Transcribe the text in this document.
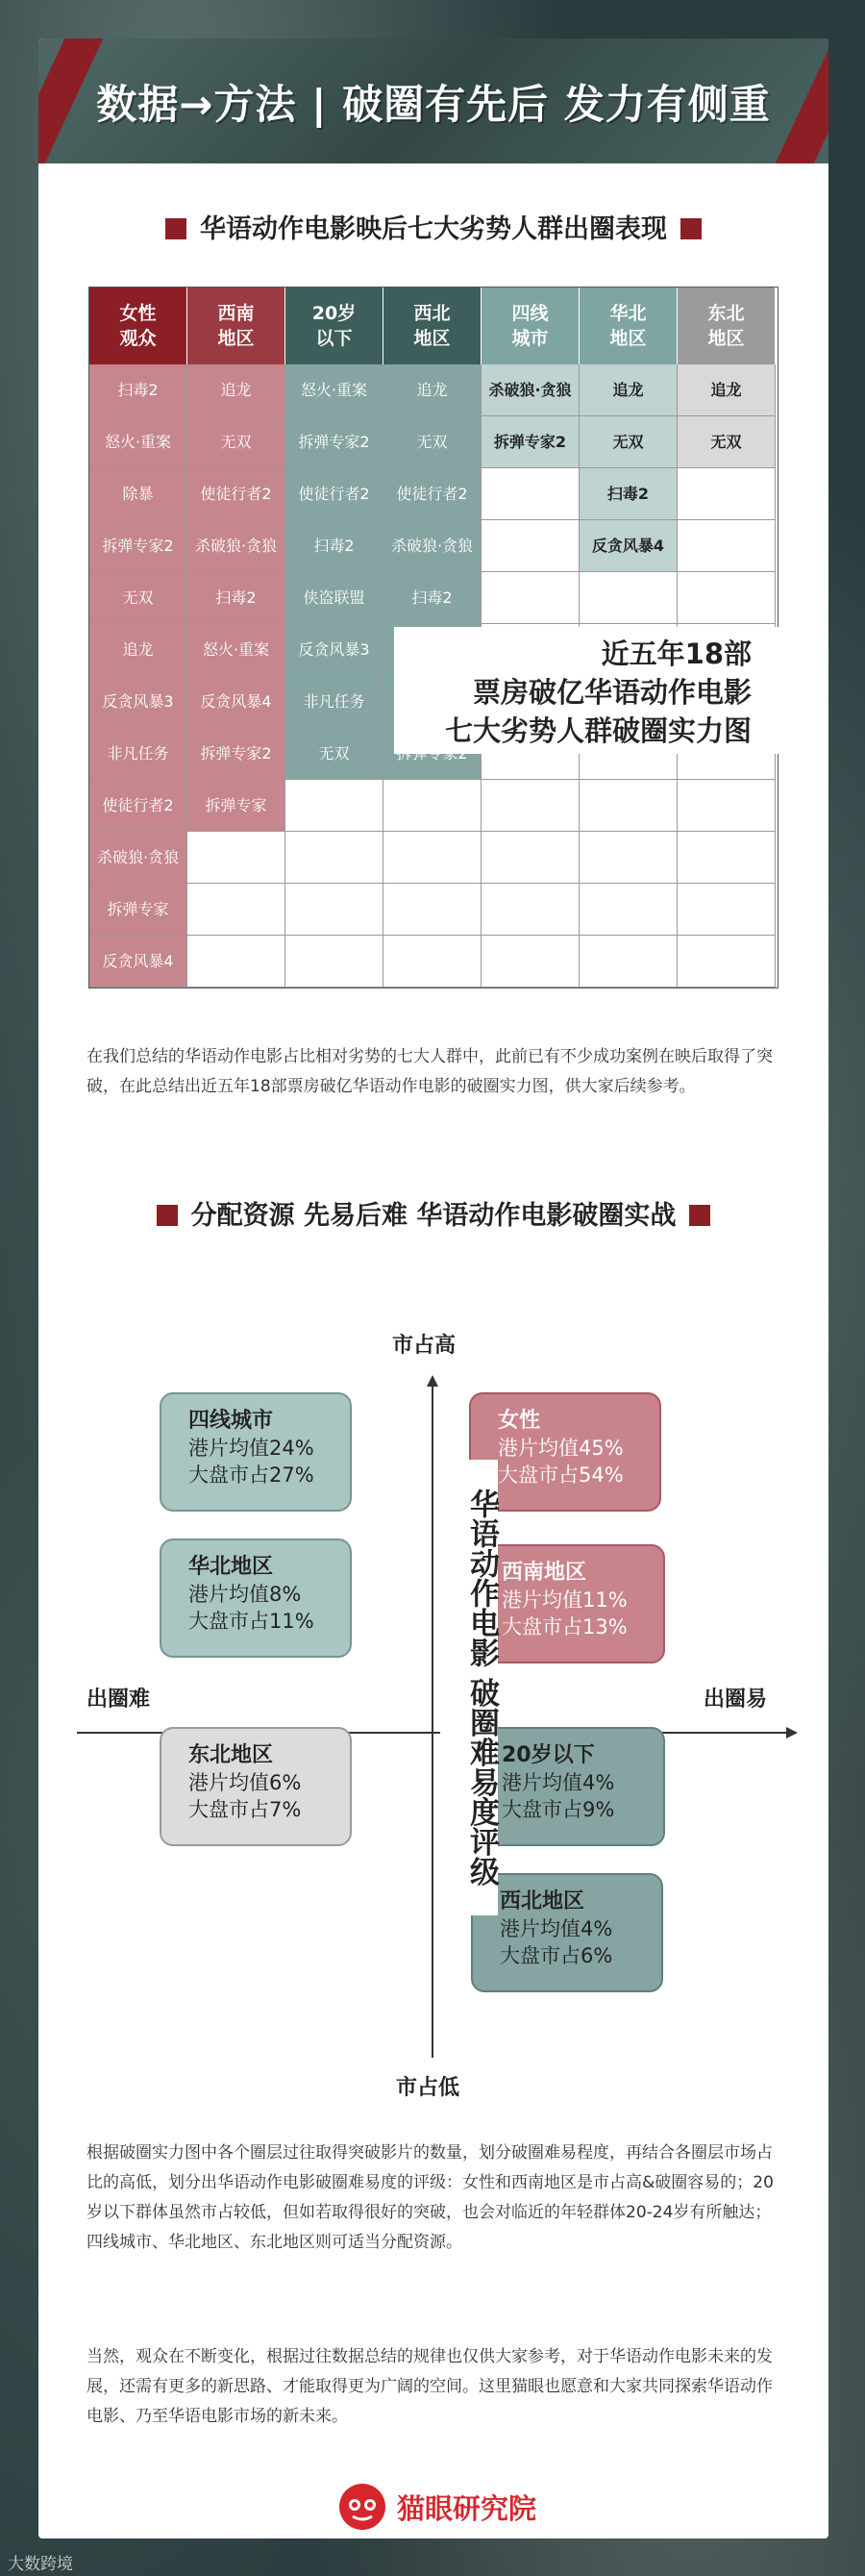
数据→方法 | 破圈有先后 发力有侧重
华语动作电影映后七大劣势人群出圈表现
女性
观众
扫毒2
怒火·重案
除暴
拆弹专家2
无双
追龙
反贪风暴3
非凡任务
使徒行者2
杀破狼·贪狼
拆弹专家
反贪风暴4
西南
地区
追龙
无双
使徒行者2
杀破狼·贪狼
扫毒2
怒火·重案
反贪风暴4
拆弹专家2
拆弹专家
20岁
以下
怒火·重案
拆弹专家2
使徒行者2
扫毒2
侠盗联盟
反贪风暴3
非凡任务
无双
西北
地区
追龙
无双
使徒行者2
杀破狼·贪狼
扫毒2
四线
城市
杀破狼·贪狼
拆弹专家2
华北
地区
追龙
无双
扫毒2
反贪风暴4
东北
地区
追龙
无双
近五年18部
票房破亿华语动作电影
七大劣势人群破圈实力图
在我们总结的华语动作电影占比相对劣势的七大人群中，此前已有不少成功案例在映后取得了突破，在此总结出近五年18部票房破亿华语动作电影的破圈实力图，供大家后续参考。
分配资源 先易后难 华语动作电影破圈实战
市占高
市占低
出圈难	出圈易
四线城市
港片均值24%
大盘市占27%
华北地区
港片均值8%
大盘市占11%
东北地区
港片均值6%
大盘市占7%
女性
港片均值45%
大盘市占54%
西南地区
港片均值11%
大盘市占13%
20岁以下
港片均值4%
大盘市占9%
西北地区
港片均值4%
大盘市占6%
华语动作电影 破圈难易度评级
根据破圈实力图中各个圈层过往取得突破影片的数量，划分破圈难易程度，再结合各圈层市场占比的高低，划分出华语动作电影破圈难易度的评级：女性和西南地区是市占高&破圈容易的；20岁以下群体虽然市占较低，但如若取得很好的突破，也会对临近的年轻群体20-24岁有所触达；四线城市、华北地区、东北地区则可适当分配资源。
当然，观众在不断变化，根据过往数据总结的规律也仅供大家参考，对于华语动作电影未来的发展，还需有更多的新思路、才能取得更为广阔的空间。这里猫眼也愿意和大家共同探索华语动作电影、乃至华语电影市场的新未来。
猫眼研究院
大数跨境
